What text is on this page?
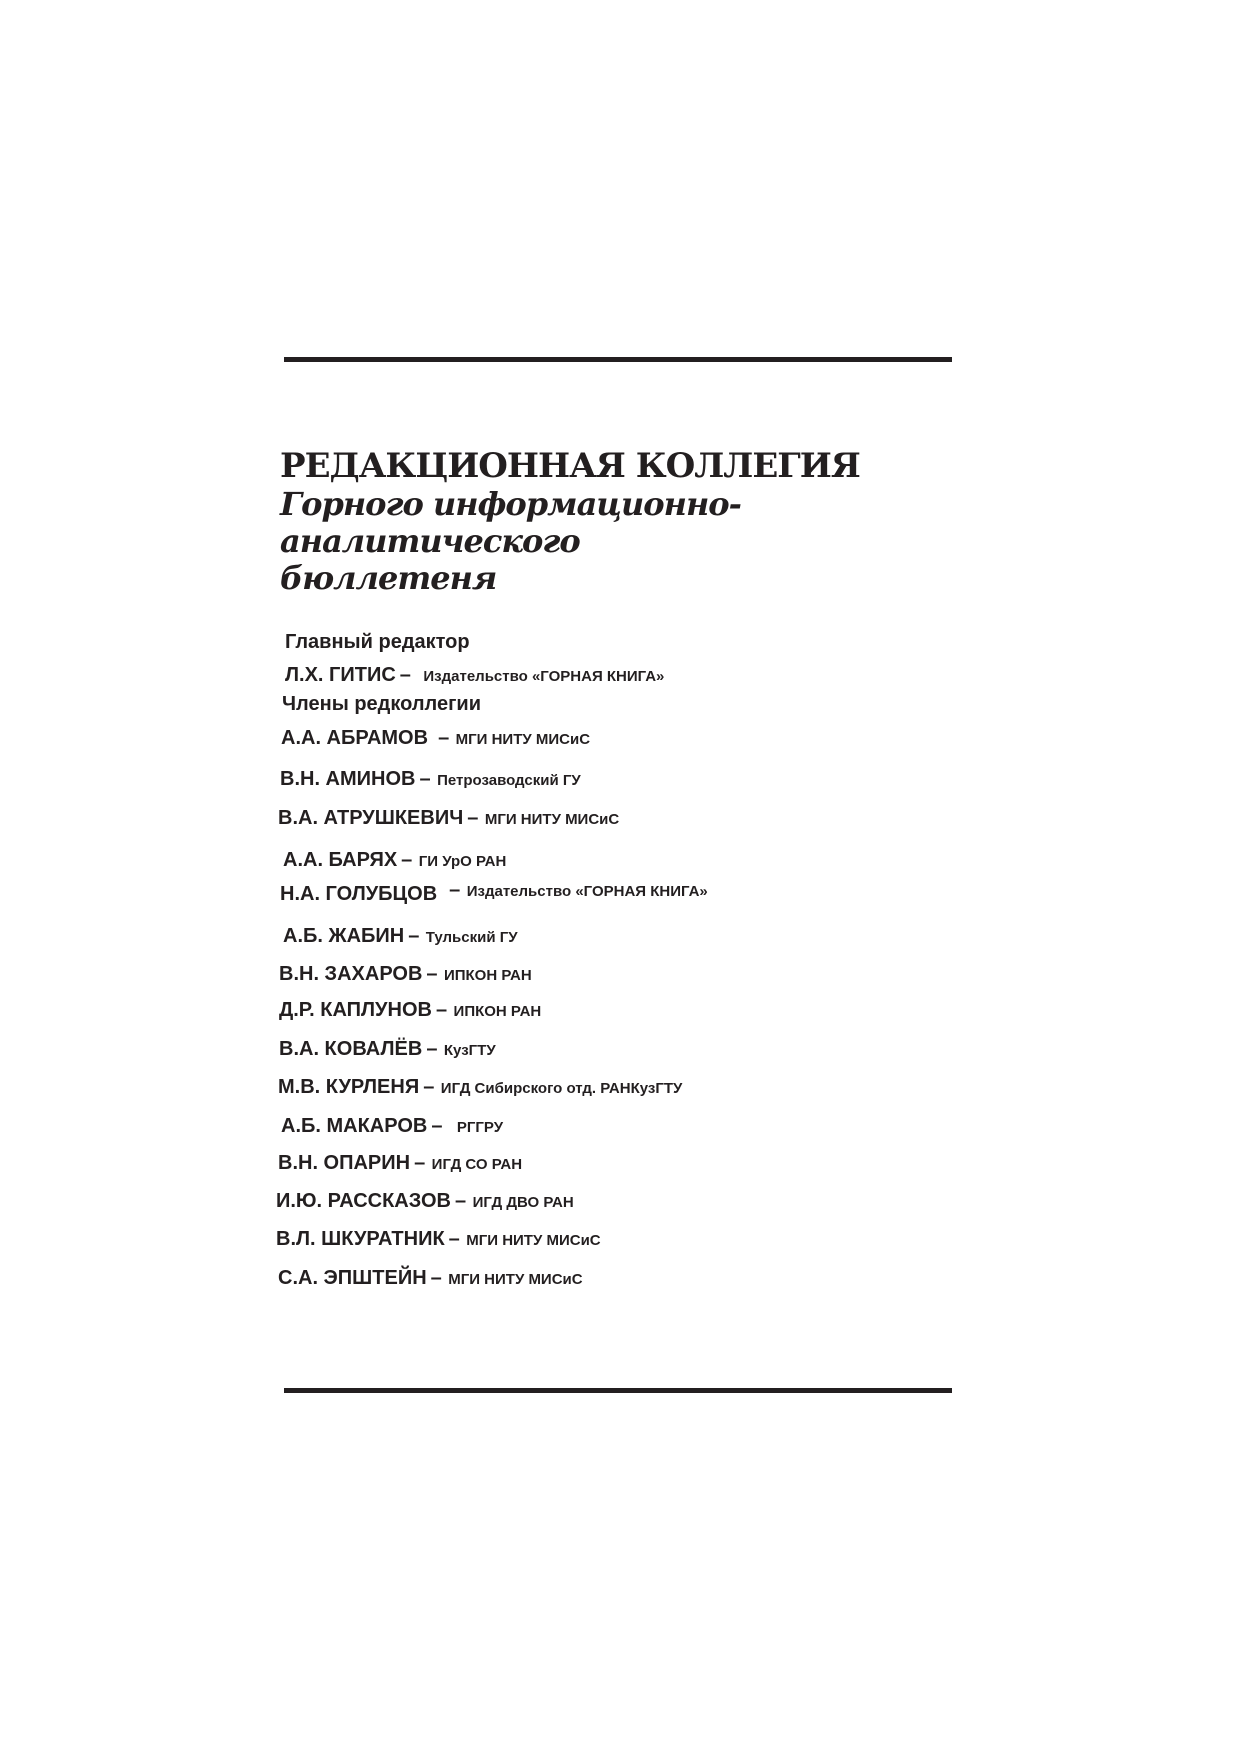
РЕДАКЦИОННАЯ КОЛЛЕГИЯ
Горного информационно-
аналитического
бюллетеня
Главный редактор
Л.Х. ГИТИС – Издательство «ГОРНАЯ КНИГА»
Члены редколлегии
А.А. АБРАМОВ – МГИ НИТУ МИСиС
В.Н. АМИНОВ – Петрозаводский ГУ
В.А. АТРУШКЕВИЧ – МГИ НИТУ МИСиС
А.А. БАРЯХ – ГИ УрО РАН
Н.А. ГОЛУБЦОВ – Издательство «ГОРНАЯ КНИГА»
А.Б. ЖАБИН – Тульский ГУ
В.Н. ЗАХАРОВ – ИПКОН РАН
Д.Р. КАПЛУНОВ – ИПКОН РАН
В.А. КОВАЛЁВ – КузГТУ
М.В. КУРЛЕНЯ – ИГД Сибирского отд. РАНКузГТУ
А.Б. МАКАРОВ – РГГРУ
В.Н. ОПАРИН – ИГД СО РАН
И.Ю. РАССКАЗОВ – ИГД ДВО РАН
В.Л. ШКУРАТНИК – МГИ НИТУ МИСиС
С.А. ЭПШТЕЙН – МГИ НИТУ МИСиС
